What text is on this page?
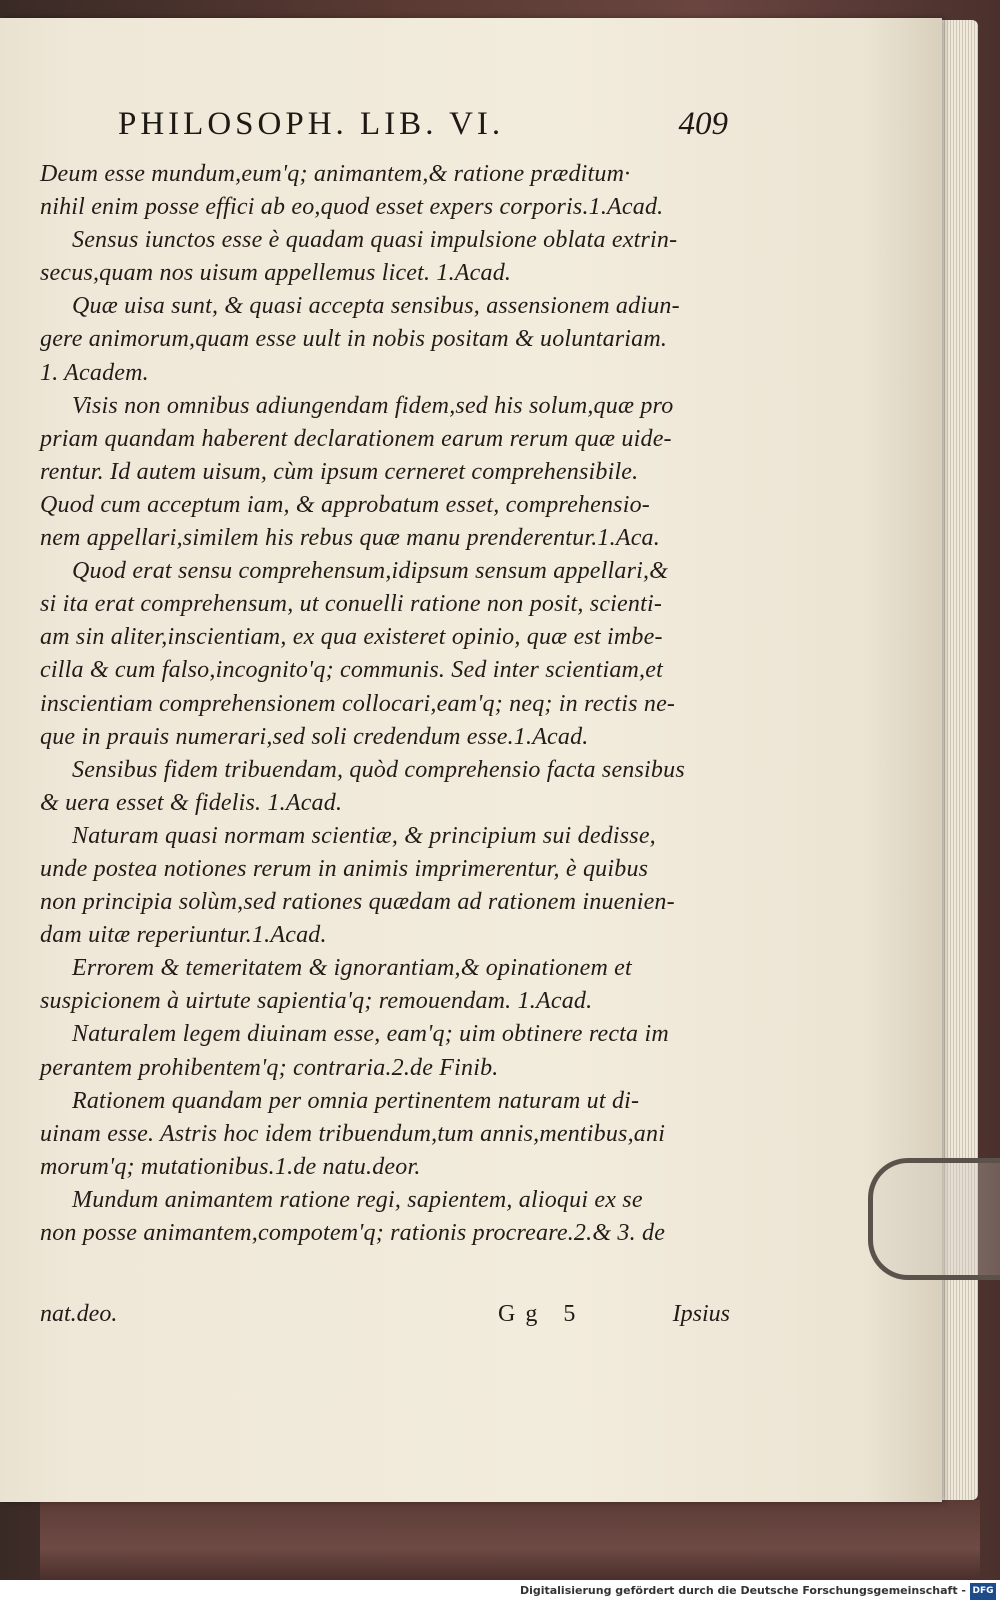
PHILOSOPH. LIB. VI.	409
Deum esse mundum,eum'q; animantem,& ratione præditum·
nihil enim posse effici ab eo,quod esset expers corporis.1.Acad.
Sensus iunctos esse è quadam quasi impulsione oblata extrin-
secus,quam nos uisum appellemus licet. 1.Acad.
Quæ uisa sunt, & quasi accepta sensibus, assensionem adiun-
gere animorum,quam esse uult in nobis positam & uoluntariam.
1. Academ.
Visis non omnibus adiungendam fidem,sed his solum,quæ pro
priam quandam haberent declarationem earum rerum quæ uide-
rentur. Id autem uisum, cùm ipsum cerneret comprehensibile.
Quod cum acceptum iam, & approbatum esset, comprehensio-
nem appellari,similem his rebus quæ manu prenderentur.1.Aca.
Quod erat sensu comprehensum,idipsum sensum appellari,&
si ita erat comprehensum, ut conuelli ratione non posit, scienti-
am sin aliter,inscientiam, ex qua existeret opinio, quæ est imbe-
cilla & cum falso,incognito'q; communis. Sed inter scientiam,et
inscientiam comprehensionem collocari,eam'q; neq; in rectis ne-
que in prauis numerari,sed soli credendum esse.1.Acad.
Sensibus fidem tribuendam, quòd comprehensio facta sensibus
& uera esset & fidelis. 1.Acad.
Naturam quasi normam scientiæ, & principium sui dedisse,
unde postea notiones rerum in animis imprimerentur, è quibus
non principia solùm,sed rationes quædam ad rationem inuenien-
dam uitæ reperiuntur.1.Acad.
Errorem & temeritatem & ignorantiam,& opinationem et
suspicionem à uirtute sapientia'q; remouendam. 1.Acad.
Naturalem legem diuinam esse, eam'q; uim obtinere recta im
perantem prohibentem'q; contraria.2.de Finib.
Rationem quandam per omnia pertinentem naturam ut di-
uinam esse. Astris hoc idem tribuendum,tum annis,mentibus,ani
morum'q; mutationibus.1.de natu.deor.
Mundum animantem ratione regi, sapientem, alioqui ex se
non posse animantem,compotem'q; rationis procreare.2.& 3. de
nat.deo.	Gg 5	Ipsius
Digitalisierung gefördert durch die Deutsche Forschungsgemeinschaft - DFG
